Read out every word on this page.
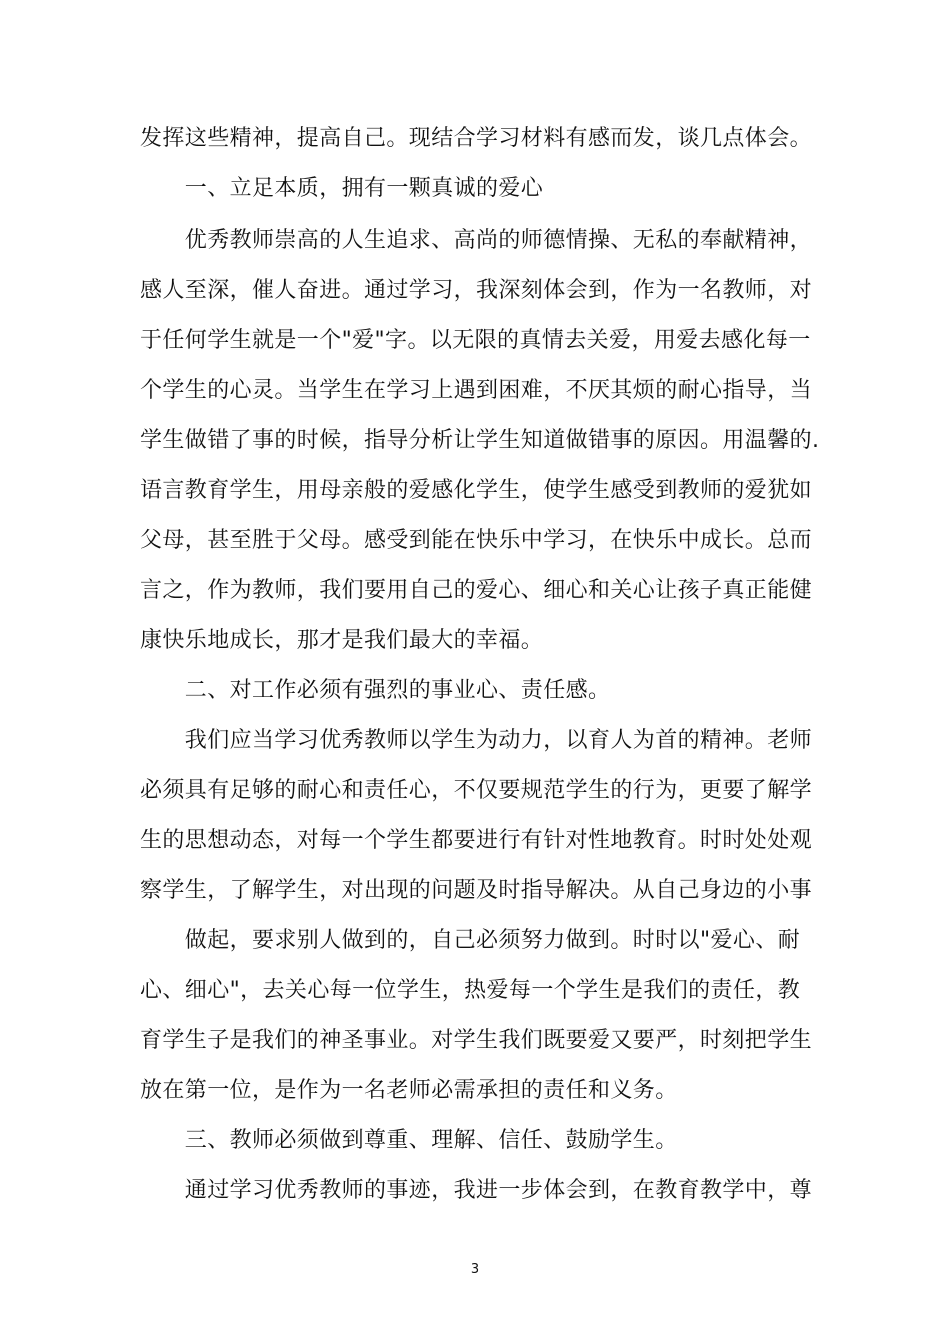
发挥这些精神，提高自己。现结合学习材料有感而发，谈几点体会。
　　一、立足本质，拥有一颗真诚的爱心
　　优秀教师崇高的人生追求、高尚的师德情操、无私的奉献精神，
感人至深，催人奋进。通过学习，我深刻体会到，作为一名教师，对
于任何学生就是一个"爱"字。以无限的真情去关爱，用爱去感化每一
个学生的心灵。当学生在学习上遇到困难，不厌其烦的耐心指导，当
学生做错了事的时候，指导分析让学生知道做错事的原因。用温馨的.
语言教育学生，用母亲般的爱感化学生，使学生感受到教师的爱犹如
父母，甚至胜于父母。感受到能在快乐中学习，在快乐中成长。总而
言之，作为教师，我们要用自己的爱心、细心和关心让孩子真正能健
康快乐地成长，那才是我们最大的幸福。
　　二、对工作必须有强烈的事业心、责任感。
　　我们应当学习优秀教师以学生为动力，以育人为首的精神。老师
必须具有足够的耐心和责任心，不仅要规范学生的行为，更要了解学
生的思想动态，对每一个学生都要进行有针对性地教育。时时处处观
察学生，了解学生，对出现的问题及时指导解决。从自己身边的小事
　　做起，要求别人做到的，自己必须努力做到。时时以"爱心、耐
心、细心"，去关心每一位学生，热爱每一个学生是我们的责任，教
育学生子是我们的神圣事业。对学生我们既要爱又要严，时刻把学生
放在第一位，是作为一名老师必需承担的责任和义务。
　　三、教师必须做到尊重、理解、信任、鼓励学生。
　　通过学习优秀教师的事迹，我进一步体会到，在教育教学中，尊
3
